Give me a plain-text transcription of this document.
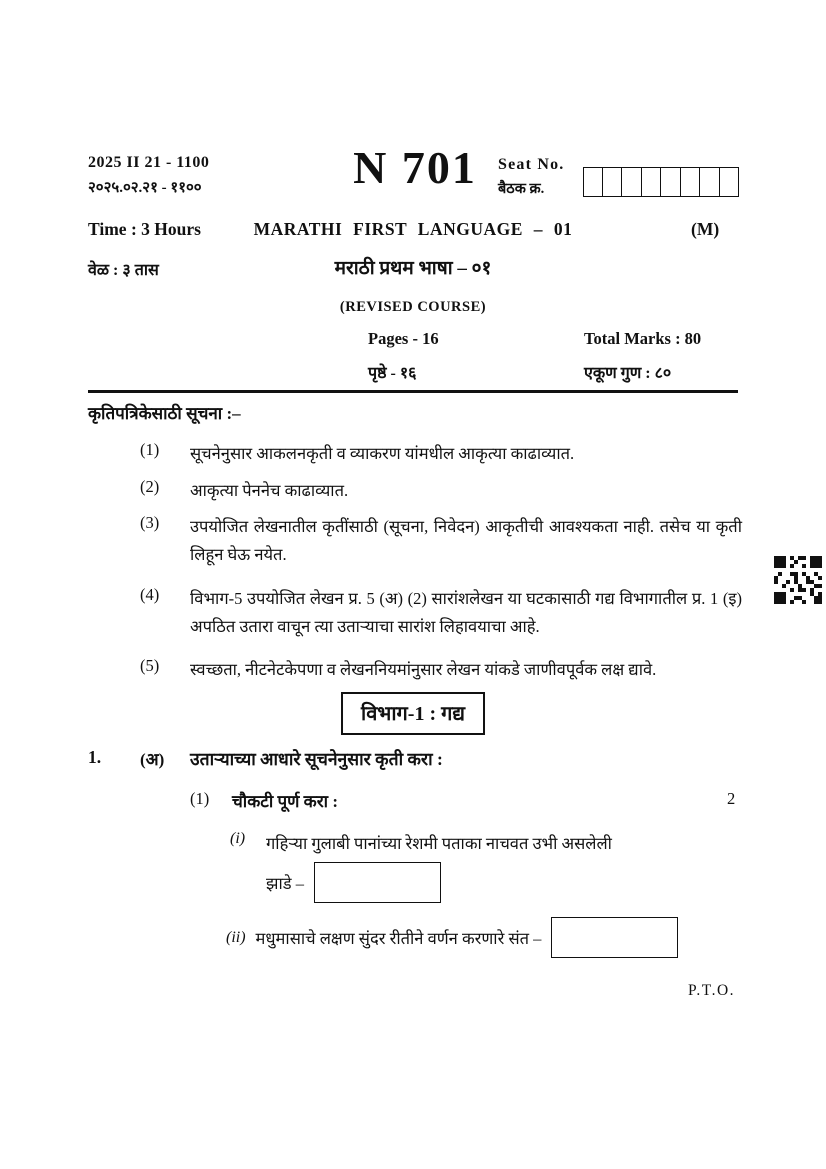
2025 II 21 - 1100
२०२५.०२.२१ - ११००	N 701	Seat No.
बैठक क्र.
Time : 3 Hours	MARATHI FIRST LANGUAGE – 01	(M)
वेळ : ३ तास	मराठी प्रथम भाषा – ०१
(REVISED COURSE)
Pages - 16	Total Marks : 80
पृष्ठे - १६	एकूण गुण : ८०
कृतिपत्रिकेसाठी सूचना :–
(1)	सूचनेनुसार आकलनकृती व व्याकरण यांमधील आकृत्या काढाव्यात.
(2)	आकृत्या पेननेच काढाव्यात.
(3)	उपयोजित लेखनातील कृतींसाठी (सूचना, निवेदन) आकृतीची आवश्यकता नाही. तसेच या कृती लिहून घेऊ नयेत.
(4)	विभाग-5 उपयोजित लेखन प्र. 5 (अ) (2) सारांशलेखन या घटकासाठी गद्य विभागातील प्र. 1 (इ) अपठित उतारा वाचून त्या उताऱ्याचा सारांश लिहावयाचा आहे.
(5)	स्वच्छता, नीटनेटकेपणा व लेखननियमांनुसार लेखन यांकडे जाणीवपूर्वक लक्ष द्यावे.
विभाग-1 : गद्य
1. (अ) उताऱ्याच्या आधारे सूचनेनुसार कृती करा :
(1) चौकटी पूर्ण करा :	2
(i) गहिऱ्या गुलाबी पानांच्या रेशमी पताका नाचवत उभी असलेली
झाडे –
(ii) मधुमासाचे लक्षण सुंदर रीतीने वर्णन करणारे संत –
P.T.O.
